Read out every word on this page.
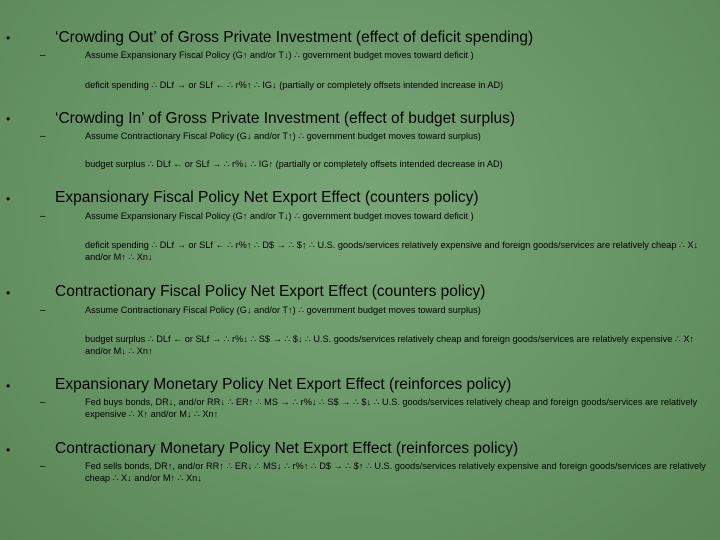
•	‘Crowding Out’ of Gross Private Investment (effect of deficit spending)
–	Assume Expansionary Fiscal Policy (G↑ and/or T↓) ∴ government budget moves toward deficit )
deficit spending ∴ DLf → or SLf ← ∴ r%↑ ∴ IG↓ (partially or completely offsets intended increase in AD)
•	‘Crowding In’ of Gross Private Investment (effect of budget surplus)
–	Assume Contractionary Fiscal Policy (G↓ and/or T↑) ∴ government budget moves toward surplus)
budget surplus ∴ DLf ← or SLf → ∴ r%↓ ∴ IG↑ (partially or completely offsets intended decrease in AD)
•	Expansionary Fiscal Policy Net Export Effect (counters policy)
–	Assume Expansionary Fiscal Policy (G↑ and/or T↓) ∴ government budget moves toward deficit )
deficit spending ∴ DLf → or SLf ← ∴ r%↑ ∴ D$ → ∴ $↑ ∴ U.S. goods/services relatively expensive and foreign goods/services are relatively cheap ∴ X↓ and/or M↑ ∴ Xn↓
•	Contractionary Fiscal Policy Net Export Effect (counters policy)
–	Assume Contractionary Fiscal Policy (G↓ and/or T↑) ∴ government budget moves toward surplus)
budget surplus ∴ DLf ← or SLf → ∴ r%↓ ∴ S$ → ∴ $↓ ∴ U.S. goods/services relatively cheap and foreign goods/services are relatively expensive ∴ X↑ and/or M↓ ∴ Xn↑
•	Expansionary Monetary Policy Net Export Effect (reinforces policy)
–	Fed buys bonds, DR↓, and/or RR↓ ∴ ER↑ ∴ MS → ∴ r%↓ ∴ S$ → ∴ $↓ ∴ U.S. goods/services relatively cheap and foreign goods/services are relatively expensive ∴ X↑ and/or M↓ ∴ Xn↑
•	Contractionary Monetary Policy Net Export Effect (reinforces policy)
–	Fed sells bonds, DR↑, and/or RR↑ ∴ ER↓ ∴ MS↓ ∴ r%↑ ∴ D$ → ∴ $↑ ∴ U.S. goods/services relatively expensive and foreign goods/services are relatively cheap ∴ X↓ and/or M↑ ∴ Xn↓
